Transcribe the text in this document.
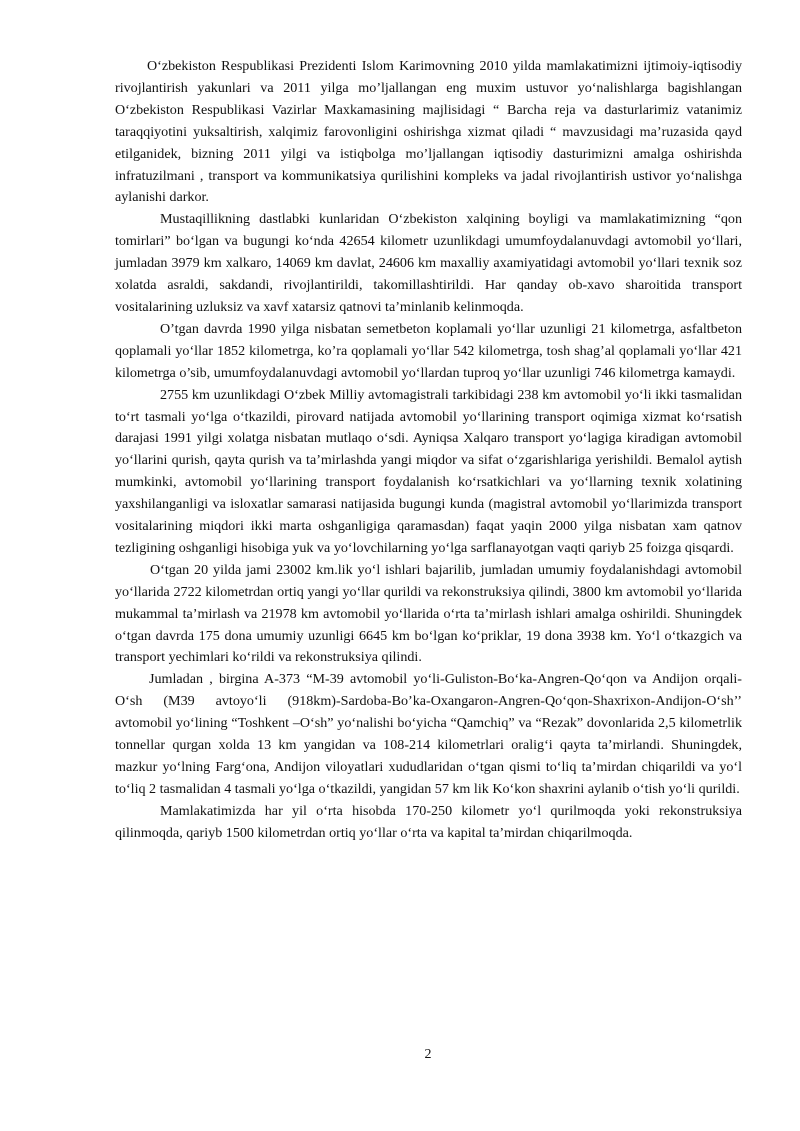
O‘zbekiston Respublikasi Prezidenti Islom Karimovning 2010 yilda mamlakatimizni ijtimoiy-iqtisodiy rivojlantirish yakunlari va 2011 yilga mo’ljallangan eng muxim ustuvor yo‘nalishlarga bagishlangan O‘zbekiston Respublikasi Vazirlar Maxkamasining majlisidagi “ Barcha reja va dasturlarimiz vatanimiz taraqqiyotini yuksaltirish, xalqimiz farovonligini oshirishga xizmat qiladi “ mavzusidagi ma’ruzasida qayd etilganidek, bizning 2011 yilgi va istiqbolga mo’ljallangan iqtisodiy dasturimizni amalga oshirishda infratuzilmani , transport va kommunikatsiya qurilishini kompleks va jadal rivojlantirish ustivor yo‘nalishga aylanishi darkor.

Mustaqillikning dastlabki kunlaridan O‘zbekiston xalqining boyligi va mamlakatimizning “qon tomirlari” bo‘lgan va bugungi ko‘nda 42654 kilometr uzunlikdagi umumfoydalanuvdagi avtomobil yo‘llari, jumladan 3979 km xalkaro, 14069 km davlat, 24606 km maxalliy axamiyatidagi avtomobil yo‘llari texnik soz xolatda asraldi, sakdandi, rivojlantirildi, takomillashtirildi. Har qanday ob-xavo sharoitida transport vositalarining uzluksiz va xavf xatarsiz qatnovi ta’minlanib kelinmoqda.

O’tgan davrda 1990 yilga nisbatan semetbeton koplamali yo‘llar uzunligi 21 kilometrga, asfaltbeton qoplamali yo‘llar 1852 kilometrga, ko’ra qoplamali yo‘llar 542 kilometrga, tosh shag’al qoplamali yo‘llar 421 kilometrga o’sib, umumfoydalanuvdagi avtomobil yo‘llardan tuproq yo‘llar uzunligi 746 kilometrga kamaydi.

2755 km uzunlikdagi O‘zbek Milliy avtomagistrali tarkibidagi 238 km avtomobil yo‘li ikki tasmalidan to‘rt tasmali yo‘lga o‘tkazildi, pirovard natijada avtomobil yo‘llarining transport oqimiga xizmat ko‘rsatish darajasi 1991 yilgi xolatga nisbatan mutlaqo o‘sdi. Ayniqsa Xalqaro transport yo‘lagiga kiradigan avtomobil yo‘llarini qurish, qayta qurish va ta’mirlashda yangi miqdor va sifat o‘zgarishlariga yerishildi. Bemalol aytish mumkinki, avtomobil yo‘llarining transport foydalanish ko‘rsatkichlari va yo‘llarning texnik xolatining yaxshilanganligi va isloxatlar samarasi natijasida bugungi kunda (magistral avtomobil yo‘llarimizda transport vositalarining miqdori ikki marta oshganligiga qaramasdan) faqat yaqin 2000 yilga nisbatan xam qatnov tezligining oshganligi hisobiga yuk va yo‘lovchilarning yo‘lga sarflanayotgan vaqti qariyb 25 foizga qisqardi.

O‘tgan 20 yilda jami 23002 km.lik yo‘l ishlari bajarilib, jumladan umumiy foydalanishdagi avtomobil yo‘llarida 2722 kilometrdan ortiq yangi yo‘llar qurildi va rekonstruksiya qilindi, 3800 km avtomobil yo‘llarida mukammal ta’mirlash va 21978 km avtomobil yo‘llarida o‘rta ta’mirlash ishlari amalga oshirildi. Shuningdek o‘tgan davrda 175 dona umumiy uzunligi 6645 km bo‘lgan ko‘priklar, 19 dona 3938 km. Yo‘l o‘tkazgich va transport yechimlari ko‘rildi va rekonstruksiya qilindi.

Jumladan , birgina A-373 “M-39 avtomobil yo‘li-Guliston-Bo‘ka-Angren-Qo‘qon va Andijon orqali-O‘sh (M39 avtoyo‘li (918km)-Sardoba-Bo’ka-Oxangaron-Angren-Qo‘qon-Shaxrixon-Andijon-O‘sh’’ avtomobil yo‘lining “Toshkent –O‘sh” yo‘nalishi bo‘yicha “Qamchiq” va “Rezak” dovonlarida 2,5 kilometrlik tonnellar qurgan xolda 13 km yangidan va 108-214 kilometrlari oralig‘i qayta ta’mirlandi. Shuningdek, mazkur yo‘lning Farg‘ona, Andijon viloyatlari xududlaridan o‘tgan qismi to‘liq ta’mirdan chiqarildi va yo‘l to‘liq 2 tasmalidan 4 tasmali yo‘lga o‘tkazildi, yangidan 57 km lik Ko‘kon shaxrini aylanib o‘tish yo‘li qurildi.

Mamlakatimizda har yil o‘rta hisobda 170-250 kilometr yo‘l qurilmoqda yoki rekonstruksiya qilinmoqda, qariyb 1500 kilometrdan ortiq yo‘llar o‘rta va kapital ta’mirdan chiqarilmoqda.

2
